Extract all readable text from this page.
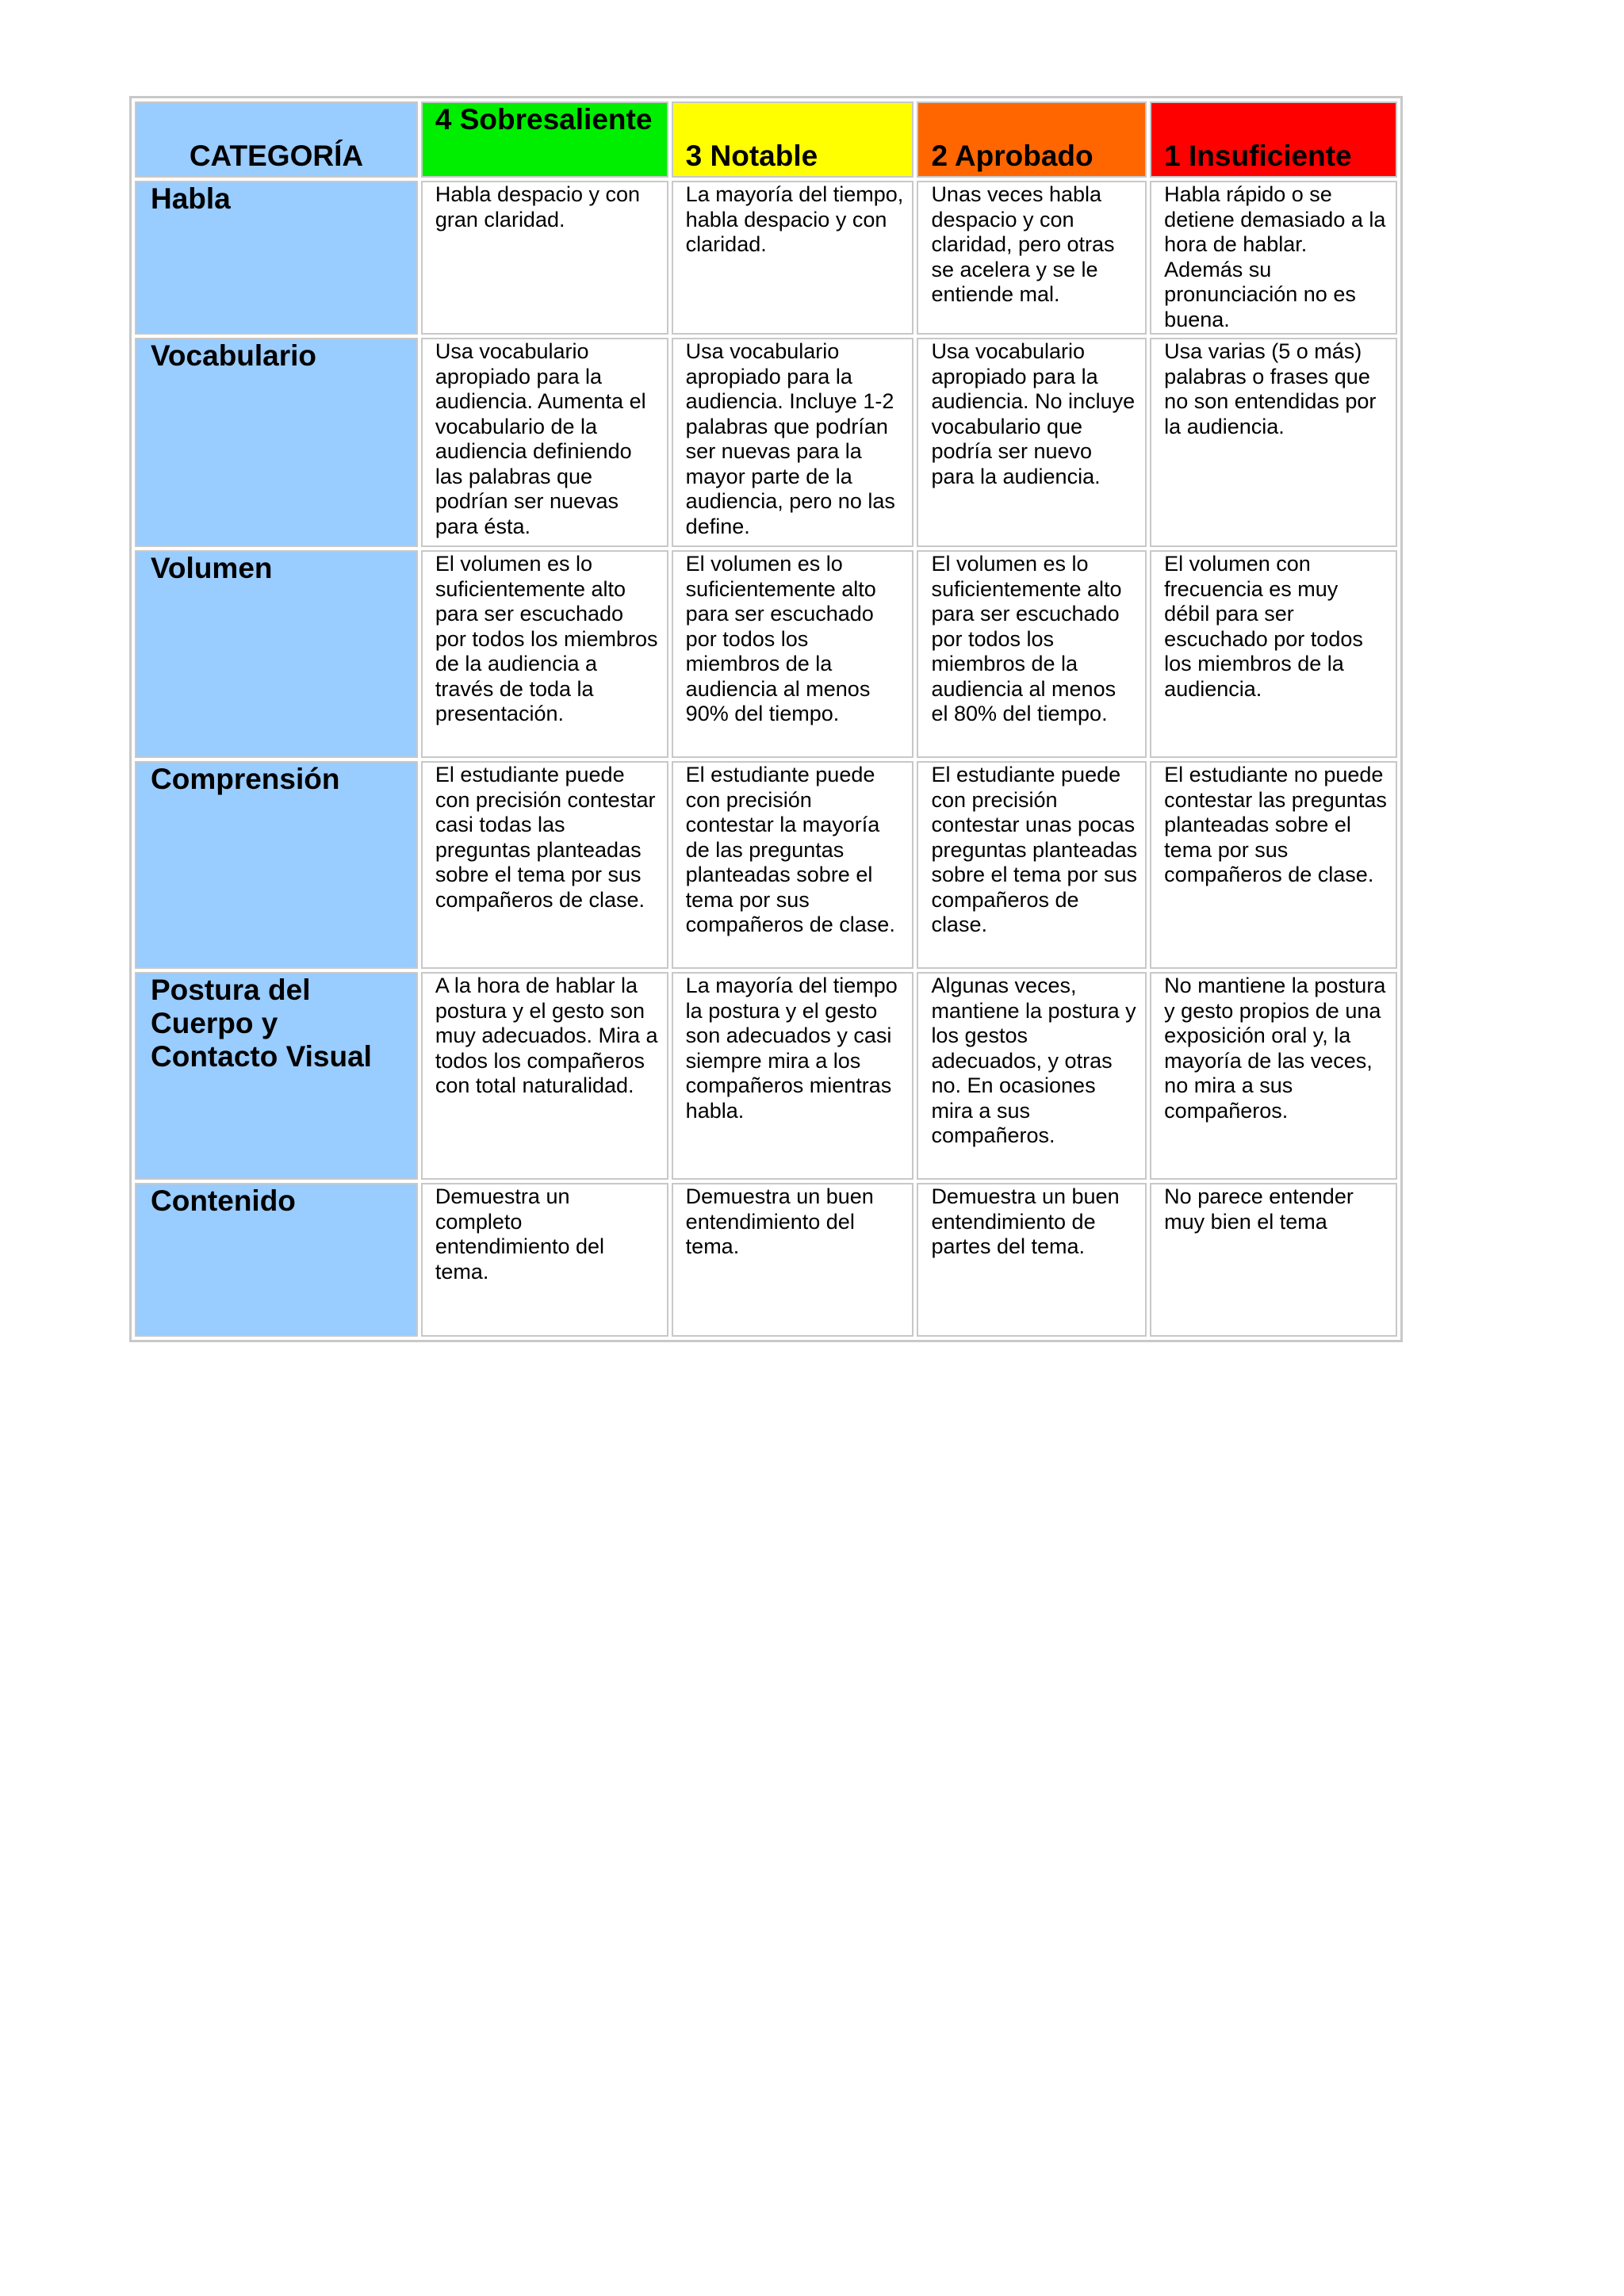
CATEGORÍA	4 Sobresaliente	3 Notable	2 Aprobado	1 Insuficiente
Habla	Habla despacio y con gran claridad.	La mayoría del tiempo, habla despacio y con claridad.	Unas veces habla despacio y con claridad, pero otras se acelera y se le entiende mal.	Habla rápido o se detiene demasiado a la hora de hablar. Además su pronunciación no es buena.
Vocabulario	Usa vocabulario apropiado para la audiencia. Aumenta el vocabulario de la audiencia definiendo las palabras que podrían ser nuevas para ésta.	Usa vocabulario apropiado para la audiencia. Incluye 1-2 palabras que podrían ser nuevas para la mayor parte de la audiencia, pero no las define.	Usa vocabulario apropiado para la audiencia. No incluye vocabulario que podría ser nuevo para la audiencia.	Usa varias (5 o más) palabras o frases que no son entendidas por la audiencia.
Volumen	El volumen es lo suficientemente alto para ser escuchado por todos los miembros de la audiencia a través de toda la presentación.	El volumen es lo suficientemente alto para ser escuchado por todos los miembros de la audiencia al menos 90% del tiempo.	El volumen es lo suficientemente alto para ser escuchado por todos los miembros de la audiencia al menos el 80% del tiempo.	El volumen con frecuencia es muy débil para ser escuchado por todos los miembros de la audiencia.
Comprensión	El estudiante puede con precisión contestar casi todas las preguntas planteadas sobre el tema por sus compañeros de clase.	El estudiante puede con precisión contestar la mayoría de las preguntas planteadas sobre el tema por sus compañeros de clase.	El estudiante puede con precisión contestar unas pocas preguntas planteadas sobre el tema por sus compañeros de clase.	El estudiante no puede contestar las preguntas planteadas sobre el tema por sus compañeros de clase.
Postura del Cuerpo y Contacto Visual	A la hora de hablar la postura y el gesto son muy adecuados. Mira a todos los compañeros con total naturalidad.	La mayoría del tiempo la postura y el gesto son adecuados y casi siempre mira a los compañeros mientras habla.	Algunas veces, mantiene la postura y los gestos adecuados, y otras no. En ocasiones mira a sus compañeros.	No mantiene la postura y gesto propios de una exposición oral y, la mayoría de las veces, no mira a sus compañeros.
Contenido	Demuestra un completo entendimiento del tema.	Demuestra un buen entendimiento del tema.	Demuestra un buen entendimiento de partes del tema.	No parece entender muy bien el tema
